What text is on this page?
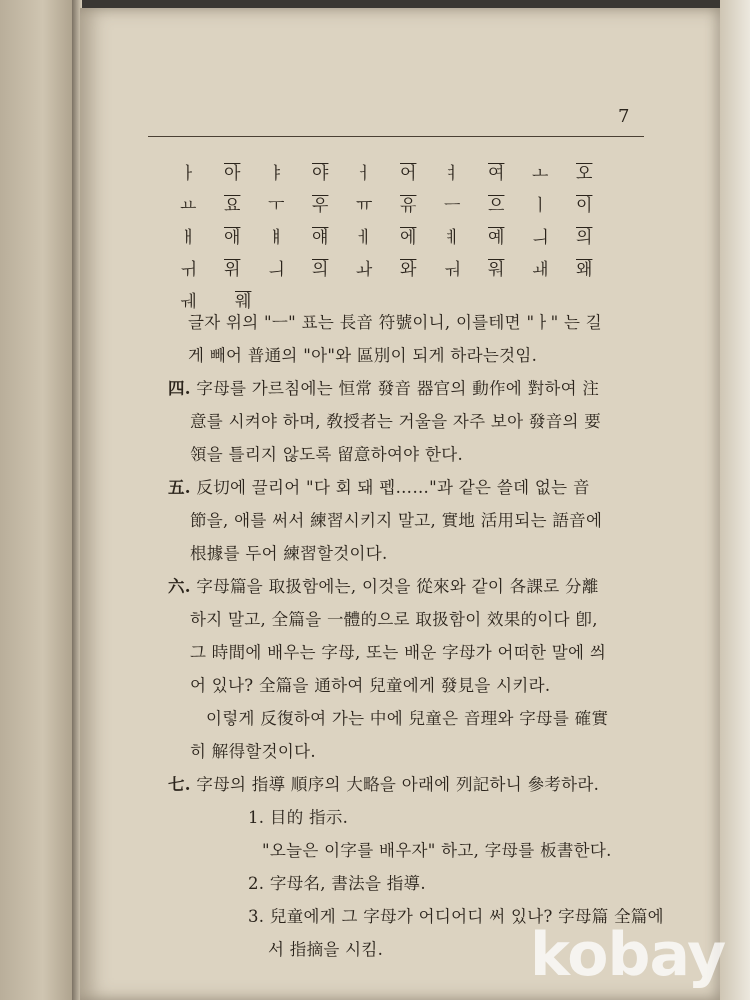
7
ㅏ	아	ㅑ	야	ㅓ	어	ㅕ	여	ㅗ	오
ㅛ	요	ㅜ	우	ㅠ	유	ㅡ	으	ㅣ	이
ㅐ	애	ㅒ	얘	ㅔ	에	ㅖ	예	ㅢ	의
ㅟ	위	ㅢ	의	ㅘ	와	ㅝ	워	ㅙ	왜
ㅞ	웨

글자 위의 "ㅡ" 표는 長音 符號이니, 이를테면 "ㅏ" 는 길

게 빼어 普通의 "아"와 區別이 되게 하라는것임.

四. 字母를 가르침에는 恒常 發音 器官의 動作에 對하여 注

意를 시켜야 하며, 敎授者는 거울을 자주 보아 發音의 要

領을 틀리지 않도록 留意하여야 한다.

五. 反切에 끌리어 "다 회 돼 펩……"과 같은 쓸데 없는 音

節을, 애를 써서 練習시키지 말고, 實地 活用되는 語音에

根據를 두어 練習할것이다.

六. 字母篇을 取扱함에는, 이것을 從來와 같이 各課로 分離

하지 말고, 全篇을 一體的으로 取扱함이 效果的이다 卽,

그 時間에 배우는 字母, 또는 배운 字母가 어떠한 말에 씌

어 있나? 全篇을 通하여 兒童에게 發見을 시키라.

이렇게 反復하여 가는 中에 兒童은 音理와 字母를 確實

히 解得할것이다.

七. 字母의 指導 順序의 大略을 아래에 列記하니 參考하라.

1. 目的 指示.

"오늘은 이字를 배우자" 하고, 字母를 板書한다.

2. 字母名, 書法을 指導.

3. 兒童에게 그 字母가 어디어디 써 있나? 字母篇 全篇에

서 指摘을 시킴.	kobay
